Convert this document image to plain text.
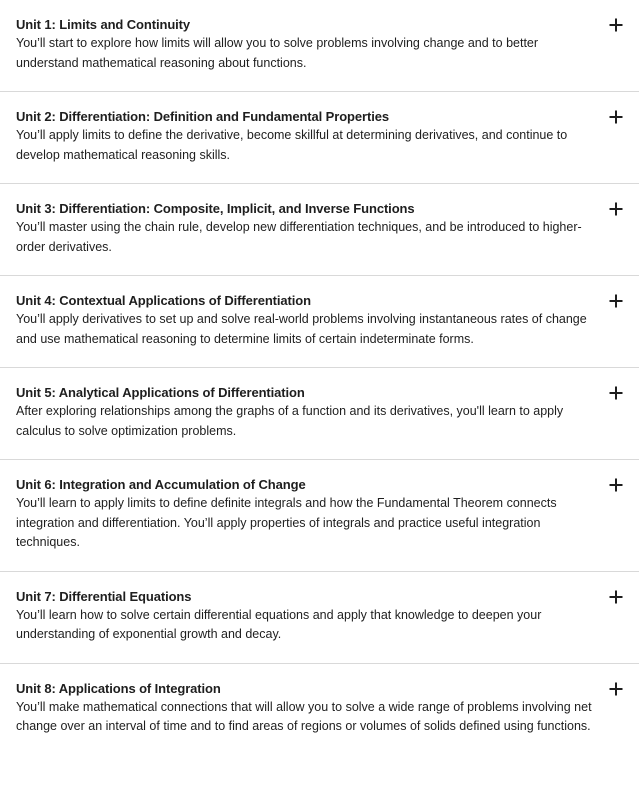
Unit 1: Limits and Continuity
You’ll start to explore how limits will allow you to solve problems involving change and to better understand mathematical reasoning about functions.
Unit 2: Differentiation: Definition and Fundamental Properties
You’ll apply limits to define the derivative, become skillful at determining derivatives, and continue to develop mathematical reasoning skills.
Unit 3: Differentiation: Composite, Implicit, and Inverse Functions
You’ll master using the chain rule, develop new differentiation techniques, and be introduced to higher-order derivatives.
Unit 4: Contextual Applications of Differentiation
You’ll apply derivatives to set up and solve real-world problems involving instantaneous rates of change and use mathematical reasoning to determine limits of certain indeterminate forms.
Unit 5: Analytical Applications of Differentiation
After exploring relationships among the graphs of a function and its derivatives, you'll learn to apply calculus to solve optimization problems.
Unit 6: Integration and Accumulation of Change
You’ll learn to apply limits to define definite integrals and how the Fundamental Theorem connects integration and differentiation. You’ll apply properties of integrals and practice useful integration techniques.
Unit 7: Differential Equations
You’ll learn how to solve certain differential equations and apply that knowledge to deepen your understanding of exponential growth and decay.
Unit 8: Applications of Integration
You’ll make mathematical connections that will allow you to solve a wide range of problems involving net change over an interval of time and to find areas of regions or volumes of solids defined using functions.
